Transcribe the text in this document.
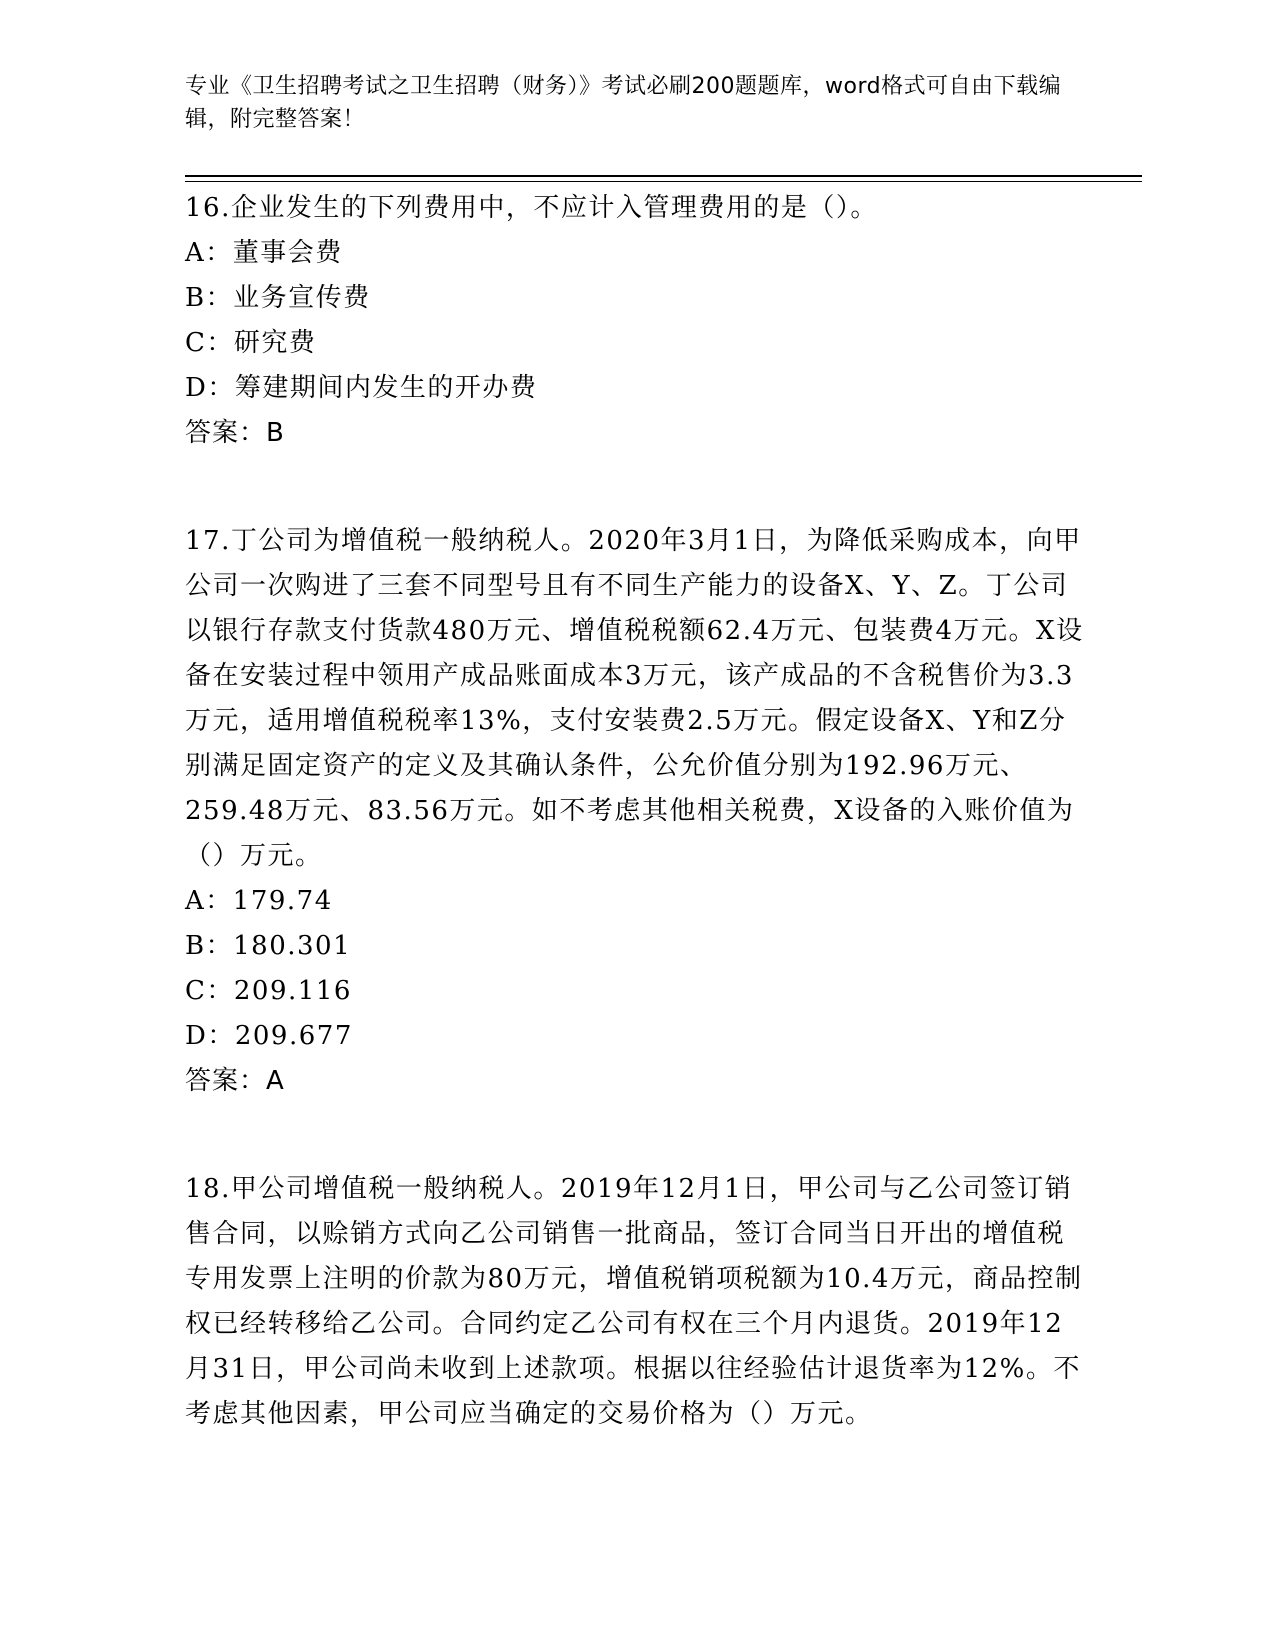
专业《卫生招聘考试之卫生招聘（财务）》考试必刷200题题库，word格式可自由下载编辑，附完整答案！

16.企业发生的下列费用中，不应计入管理费用的是（）。

A：董事会费

B：业务宣传费

C：研究费

D：筹建期间内发生的开办费

答案：B

17.丁公司为增值税一般纳税人。2020年3月1日，为降低采购成本，向甲公司一次购进了三套不同型号且有不同生产能力的设备X、Y、Z。丁公司以银行存款支付货款480万元、增值税税额62.4万元、包装费4万元。X设备在安装过程中领用产成品账面成本3万元，该产成品的不含税售价为3.3万元，适用增值税税率13%，支付安装费2.5万元。假定设备X、Y和Z分别满足固定资产的定义及其确认条件，公允价值分别为192.96万元、259.48万元、83.56万元。如不考虑其他相关税费，X设备的入账价值为（）万元。

A：179.74

B：180.301

C：209.116

D：209.677

答案：A

18.甲公司增值税一般纳税人。2019年12月1日，甲公司与乙公司签订销售合同，以赊销方式向乙公司销售一批商品，签订合同当日开出的增值税专用发票上注明的价款为80万元，增值税销项税额为10.4万元，商品控制权已经转移给乙公司。合同约定乙公司有权在三个月内退货。2019年12月31日，甲公司尚未收到上述款项。根据以往经验估计退货率为12%。不考虑其他因素，甲公司应当确定的交易价格为（）万元。
